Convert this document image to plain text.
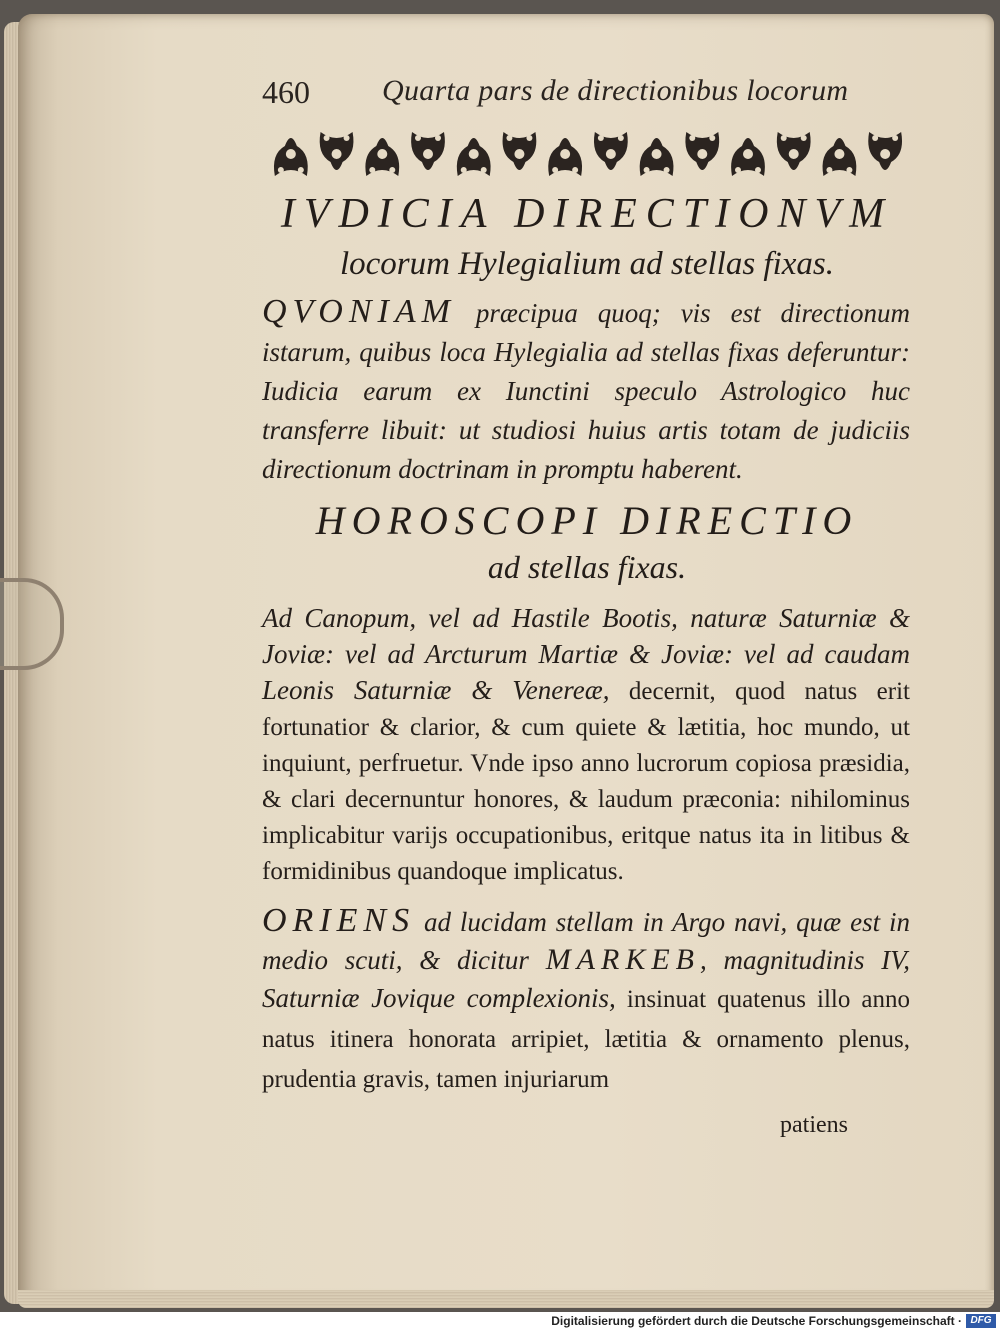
460 Quarta pars de directionibus locorum
IVDICIA DIRECTIONVM
locorum Hylegialium ad stellas fixas.
QVONIAM præcipua quoq; vis est directionum istarum, quibus loca Hylegialia ad stellas fixas deferuntur: Iudicia earum ex Iunctini speculo Astrologico huc transferre libuit: ut studiosi huius artis totam de judiciis directionum doctrinam in promptu haberent.
HOROSCOPI DIRECTIO
ad stellas fixas.
Ad Canopum, vel ad Hastile Bootis, naturæ Saturniæ & Joviæ: vel ad Arcturum Martiæ & Joviæ: vel ad caudam Leonis Saturniæ & Venereæ, decernit, quod natus erit fortunatior & clarior, & cum quiete & lætitia, hoc mundo, ut inquiunt, perfruetur. Vnde ipso anno lucrorum copiosa præsidia, & clari decernuntur honores, & laudum præconia: nihilominus implicabitur varijs occupationibus, eritque natus ita in litibus & formidinibus quandoque implicatus.
ORIENS ad lucidam stellam in Argo navi, quæ est in medio scuti, & dicitur MARKEB, magnitudinis IV, Saturniæ Jovique complexionis, insinuat quatenus illo anno natus itinera honorata arripiet, lætitia & ornamento plenus, prudentia gravis, tamen injuriarum
patiens
Digitalisierung gefördert durch die Deutsche Forschungsgemeinschaft · DFG
